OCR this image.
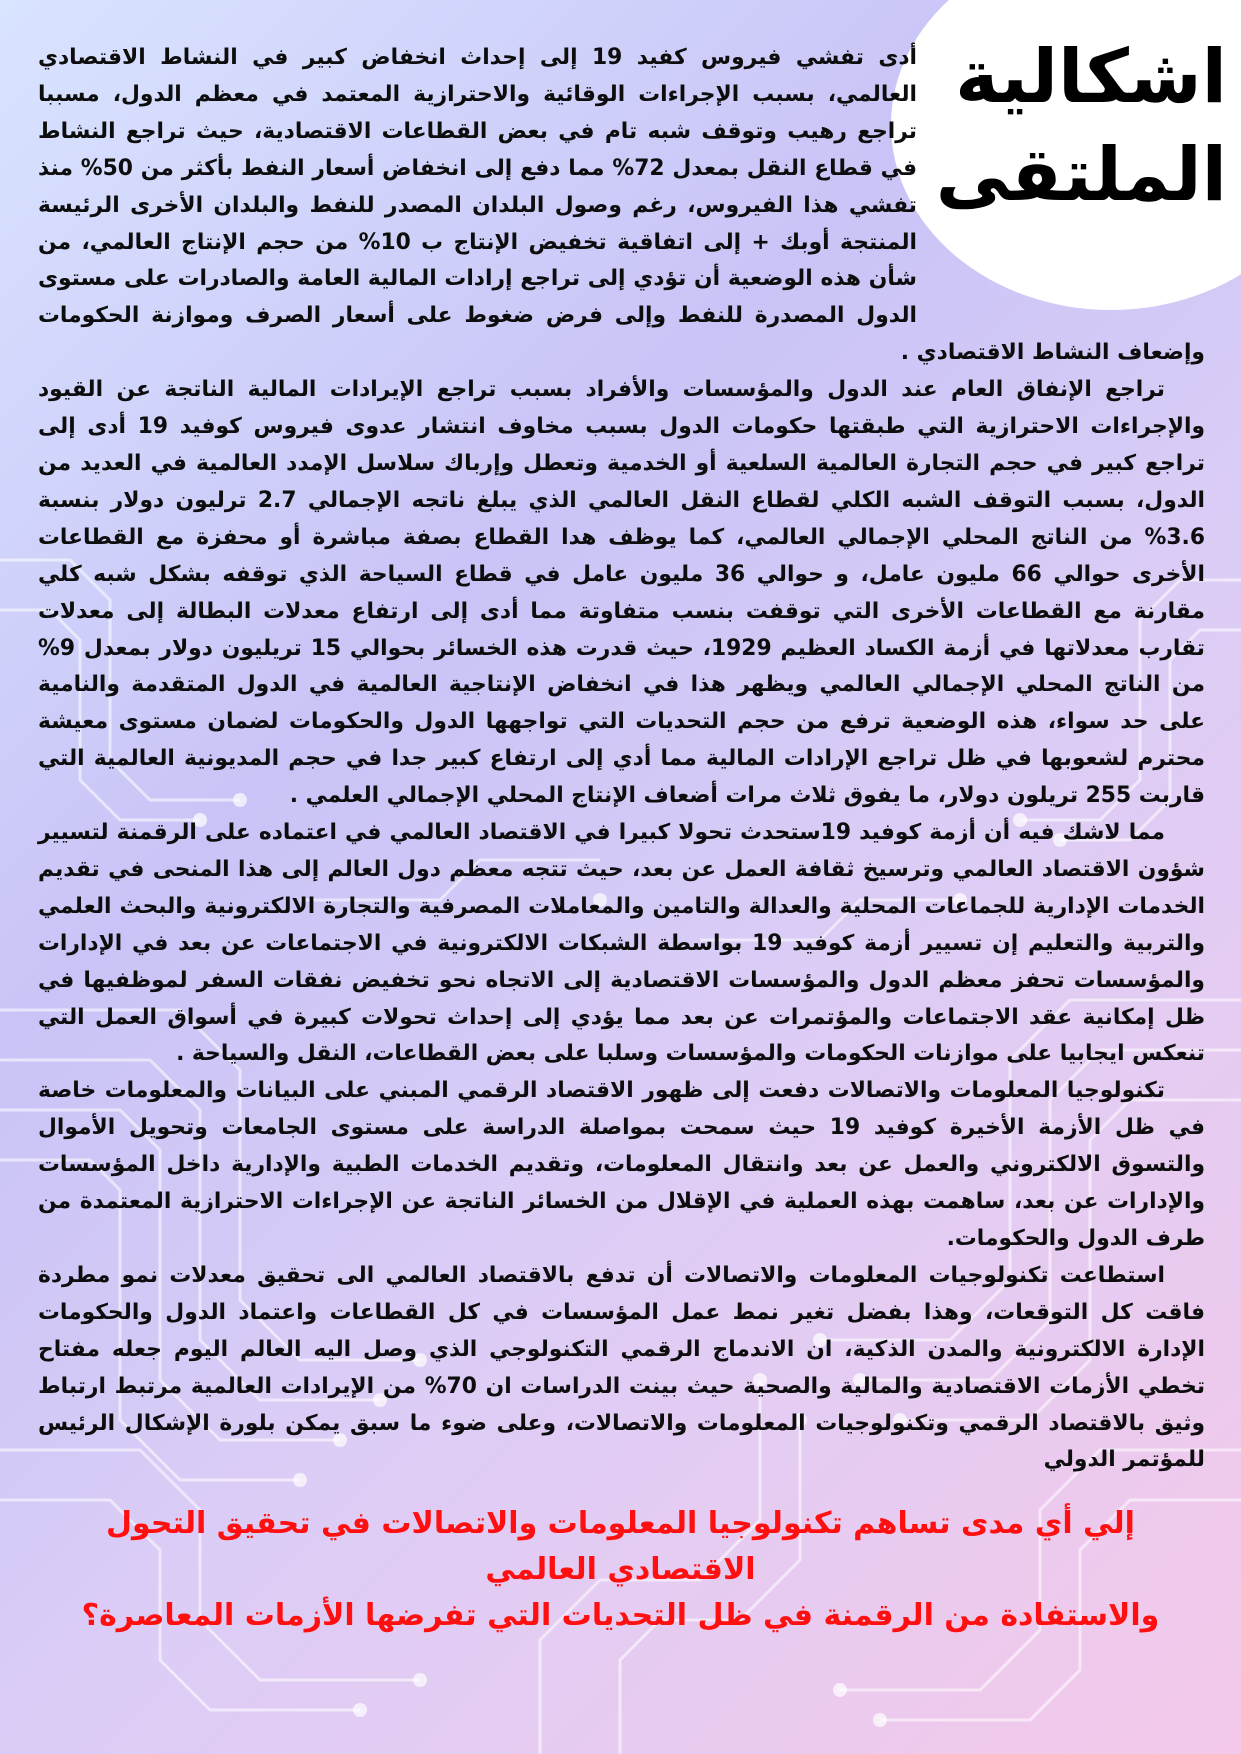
اشكالية
الملتقى

أدى تفشي فيروس كفيد 19 إلى إحداث انخفاض كبير في النشاط الاقتصادي العالمي، بسبب الإجراءات الوقائية والاحترازية المعتمد في معظم الدول، مسببا تراجع رهيب وتوقف شبه تام في بعض القطاعات الاقتصادية، حيث تراجع النشاط في قطاع النقل بمعدل 72% مما دفع إلى انخفاض أسعار النفط بأكثر من 50% منذ تفشي هذا الفيروس، رغم وصول البلدان المصدر للنفط والبلدان الأخرى الرئيسة المنتجة أوبك + إلى اتفاقية تخفيض الإنتاج ب 10% من حجم الإنتاج العالمي، من شأن هذه الوضعية أن تؤدي إلى تراجع إرادات المالية العامة والصادرات على مستوى الدول المصدرة للنفط وإلى فرض ضغوط على أسعار الصرف وموازنة الحكومات وإضعاف النشاط الاقتصادي .

تراجع الإنفاق العام عند الدول والمؤسسات والأفراد بسبب تراجع الإيرادات المالية الناتجة عن القيود والإجراءات الاحترازية التي طبقتها حكومات الدول بسبب مخاوف انتشار عدوى فيروس كوفيد 19 أدى إلى تراجع كبير في حجم التجارة العالمية السلعية أو الخدمية وتعطل وإرباك سلاسل الإمدد العالمية في العديد من الدول، بسبب التوقف الشبه الكلي لقطاع النقل العالمي الذي يبلغ ناتجه الإجمالي 2.7 ترليون دولار بنسبة 3.6% من الناتج المحلي الإجمالي العالمي، كما يوظف هدا القطاع بصفة مباشرة أو محفزة مع القطاعات الأخرى حوالي 66 مليون عامل، و حوالي 36 مليون عامل في قطاع السياحة الذي توقفه بشكل شبه كلي مقارنة مع القطاعات الأخرى التي توقفت بنسب متفاوتة مما أدى إلى ارتفاع معدلات البطالة إلى معدلات تقارب معدلاتها في أزمة الكساد العظيم 1929، حيث قدرت هذه الخسائر بحوالي 15 تريليون دولار بمعدل 9% من الناتج المحلي الإجمالي العالمي ويظهر هذا في انخفاض الإنتاجية العالمية في الدول المتقدمة والنامية على حد سواء، هذه الوضعية ترفع من حجم التحديات التي تواجهها الدول والحكومات لضمان مستوى معيشة محترم لشعوبها في ظل تراجع الإرادات المالية مما أدي إلى ارتفاع كبير جدا في حجم المديونية العالمية التي قاربت 255 تريلون دولار، ما يفوق ثلاث مرات أضعاف الإنتاج المحلي الإجمالي العلمي .

مما لاشك فيه أن أزمة كوفيد 19ستحدث تحولا كبيرا في الاقتصاد العالمي في اعتماده على الرقمنة لتسيير شؤون الاقتصاد العالمي وترسيخ ثقافة العمل عن بعد، حيث تتجه معظم دول العالم إلى هذا المنحى في تقديم الخدمات الإدارية للجماعات المحلية والعدالة والتامين والمعاملات المصرفية والتجارة الالكترونية والبحث العلمي والتربية والتعليم إن تسيير أزمة كوفيد 19 بواسطة الشبكات الالكترونية في الاجتماعات عن بعد في الإدارات والمؤسسات تحفز معظم الدول والمؤسسات الاقتصادية إلى الاتجاه نحو تخفيض نفقات السفر لموظفيها في ظل إمكانية عقد الاجتماعات والمؤتمرات عن بعد مما يؤدي إلى إحداث تحولات كبيرة في أسواق العمل التي تنعكس ايجابيا على موازنات الحكومات والمؤسسات وسلبا على بعض القطاعات، النقل والسياحة .

تكنولوجيا المعلومات والاتصالات دفعت إلى ظهور الاقتصاد الرقمي المبني على البيانات والمعلومات خاصة في ظل الأزمة الأخيرة كوفيد 19 حيث سمحت بمواصلة الدراسة على مستوى الجامعات وتحويل الأموال والتسوق الالكتروني والعمل عن بعد وانتقال المعلومات، وتقديم الخدمات الطبية والإدارية داخل المؤسسات والإدارات عن بعد، ساهمت بهذه العملية في الإقلال من الخسائر الناتجة عن الإجراءات الاحترازية المعتمدة من طرف الدول والحكومات.

استطاعت تكنولوجيات المعلومات والاتصالات أن تدفع بالاقتصاد العالمي الى تحقيق معدلات نمو مطردة فاقت كل التوقعات، وهذا بفضل تغير نمط عمل المؤسسات في كل القطاعات واعتماد الدول والحكومات الإدارة الالكترونية والمدن الذكية، ان الاندماج الرقمي التكنولوجي الذي وصل اليه العالم اليوم جعله مفتاح تخطي الأزمات الاقتصادية والمالية والصحية حيث بينت الدراسات ان 70% من الإيرادات العالمية مرتبط ارتباط وثيق بالاقتصاد الرقمي وتكنولوجيات المعلومات والاتصالات، وعلى ضوء ما سبق يمكن بلورة الإشكال الرئيس للمؤتمر الدولي

إلي أي مدى تساهم تكنولوجيا المعلومات والاتصالات في تحقيق التحول الاقتصادي العالمي
والاستفادة من الرقمنة في ظل التحديات التي تفرضها الأزمات المعاصرة؟
